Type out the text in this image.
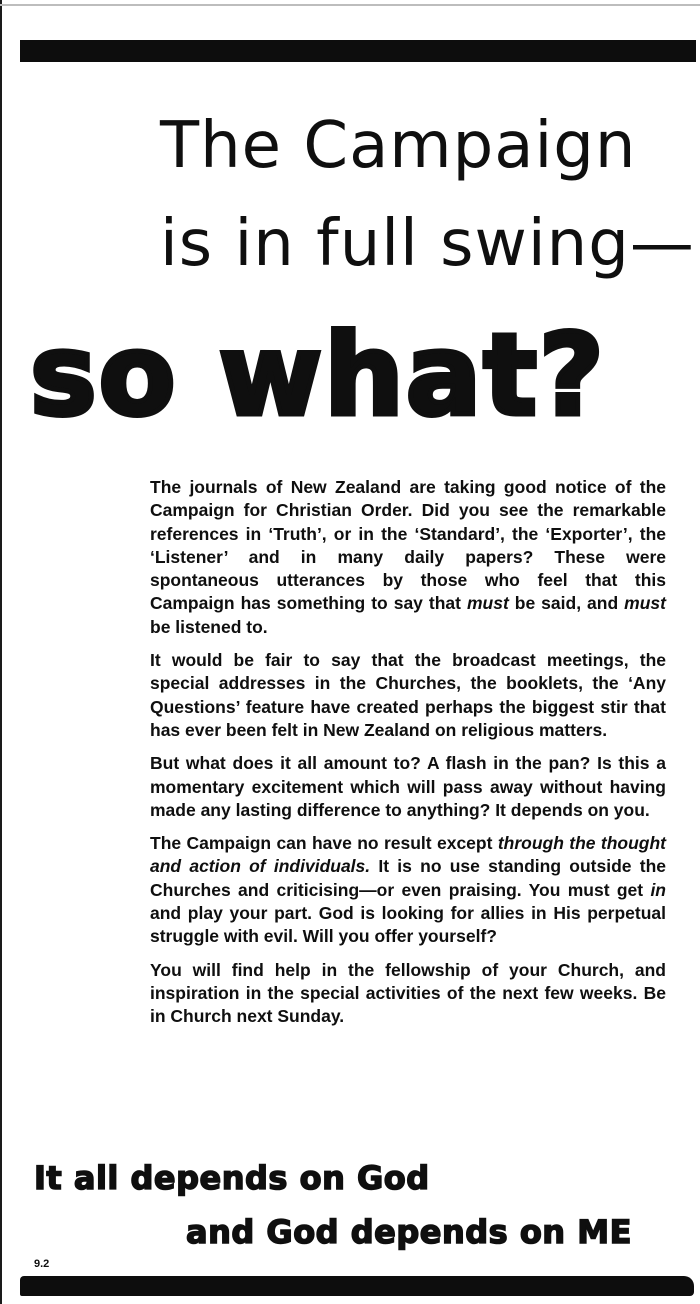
The Campaign
is in full swing—
so what?

The journals of New Zealand are taking good notice of the Campaign for Christian Order. Did you see the remarkable references in ‘Truth’, or in the ‘Standard’, the ‘Exporter’, the ‘Listener’ and in many daily papers? These were spontaneous utterances by those who feel that this Campaign has something to say that must be said, and must be listened to.

It would be fair to say that the broadcast meetings, the special addresses in the Churches, the booklets, the ‘Any Questions’ feature have created perhaps the biggest stir that has ever been felt in New Zealand on religious matters.

But what does it all amount to? A flash in the pan? Is this a momentary excitement which will pass away without having made any lasting difference to anything? It depends on you.

The Campaign can have no result except through the thought and action of individuals. It is no use standing outside the Churches and criticising—or even praising. You must get in and play your part. God is looking for allies in His perpetual struggle with evil. Will you offer yourself?

You will find help in the fellowship of your Church, and inspiration in the special activities of the next few weeks. Be in Church next Sunday.

It all depends on God
and God depends on ME
9.2
